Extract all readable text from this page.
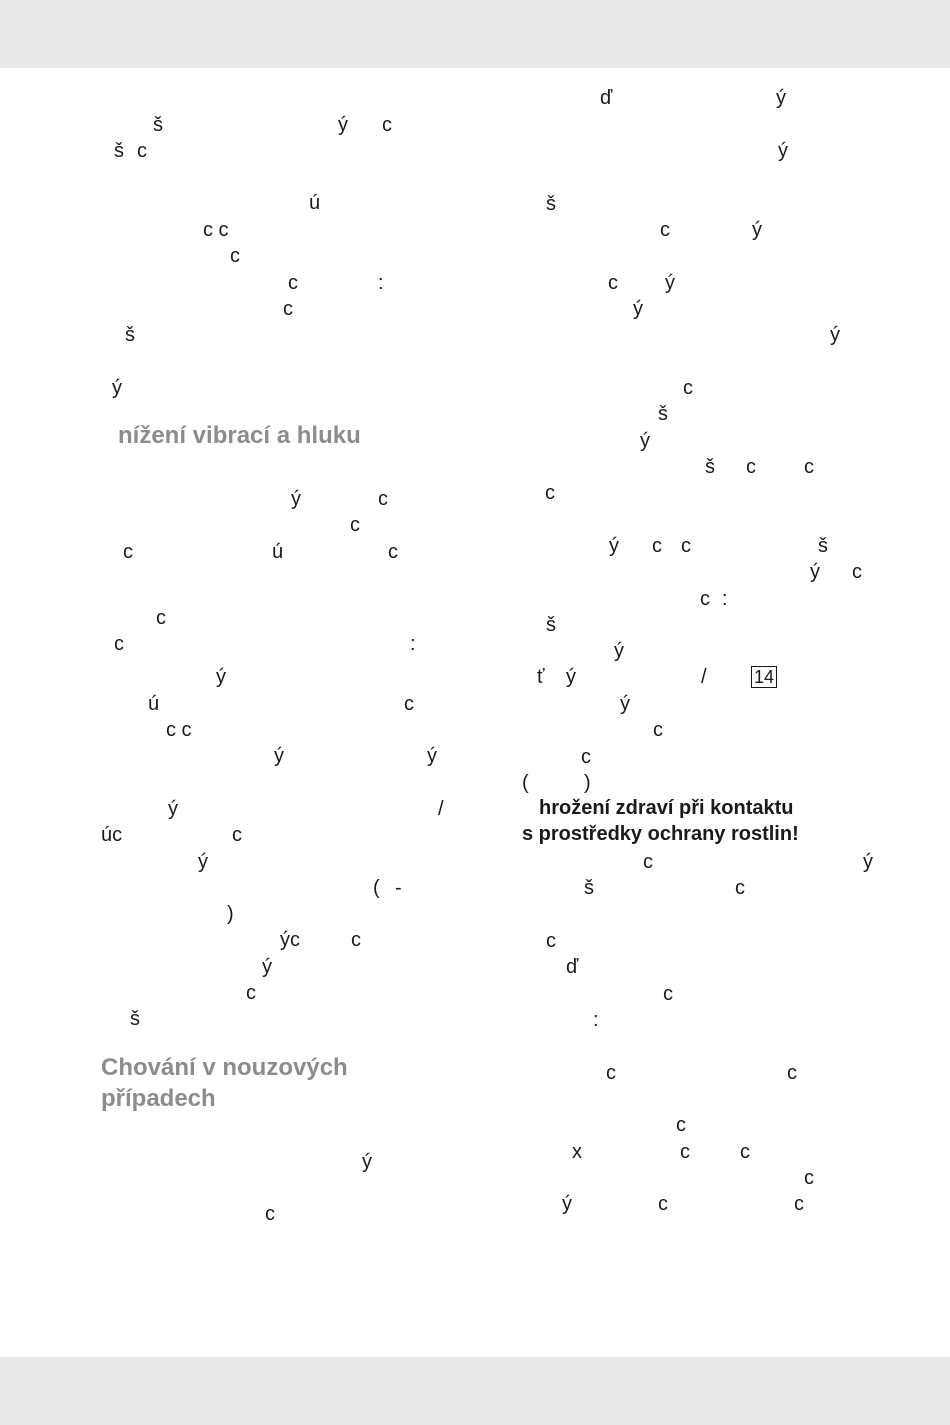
š	ý c
š c
ú
c c
c
c	:
c
š
ý
nížení vibrací a hluku
ý	c
c
c	ú	c
c
c	:
ý
ú	c
c c
ý	ý
ý	/
úc	c
ý
( -
)
ýc	c
ý
c
š
Chování v nouzových
případech
ý
c
ď	ý
ý
š
c	ý
c ý
ý
ý
c
š
ý
š c c
c
ý c c	š
ý c
c :
š
ý
ť ý	/	14
ý
c
c
(	)
hrožení zdraví při kontaktu
s prostředky ochrany rostlin!
c	ý
š	c
c
ď
c
:
c	c
c
x	c	c
c
ý	c	c
